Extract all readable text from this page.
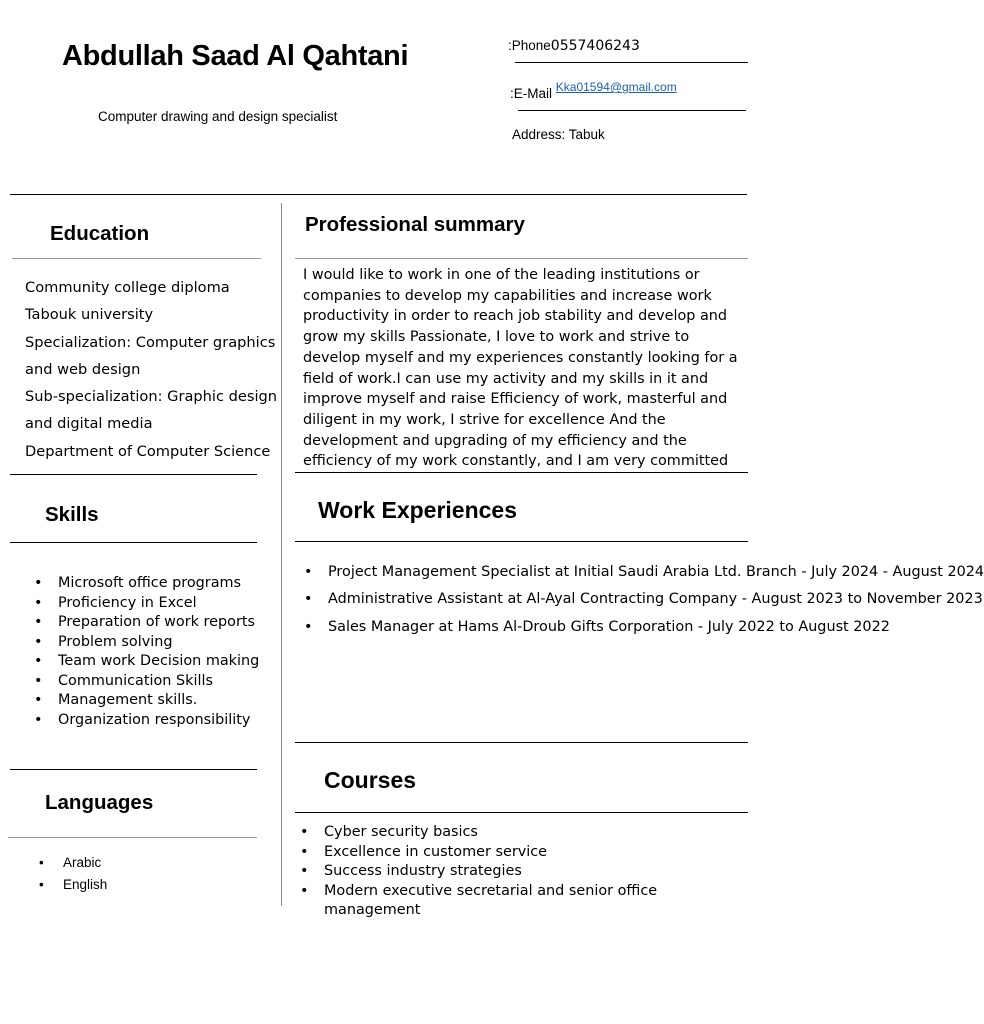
Abdullah Saad Al Qahtani

Computer drawing and design specialist

:Phone0557406243
:E-Mail Kka01594@gmail.com
Address: Tabuk
Education
Community college diploma
Tabouk university
Specialization: Computer graphics
and web design
Sub-specialization: Graphic design
and digital media
Department of Computer Science
Professional summary
I would like to work in one of the leading institutions or companies to develop my capabilities and increase work productivity in order to reach job stability and develop and grow my skills Passionate, I love to work and strive to develop myself and my experiences constantly looking for a field of work.I can use my activity and my skills in it and improve myself and raise Efficiency of work, masterful and diligent in my work, I strive for excellence And the development and upgrading of my efficiency and the efficiency of my work constantly, and I am very committed
Skills
• Microsoft office programs
• Proficiency in Excel
• Preparation of work reports
• Problem solving
• Team work Decision making
• Communication Skills
• Management skills.
• Organization responsibility
Work Experiences
• Project Management Specialist at Initial Saudi Arabia Ltd. Branch - July 2024 - August 2024
• Administrative Assistant at Al-Ayal Contracting Company - August 2023 to November 2023
• Sales Manager at Hams Al-Droub Gifts Corporation - July 2022 to August 2022
Languages
• Arabic
• English
Courses
• Cyber security basics
• Excellence in customer service
• Success industry strategies
• Modern executive secretarial and senior office management
